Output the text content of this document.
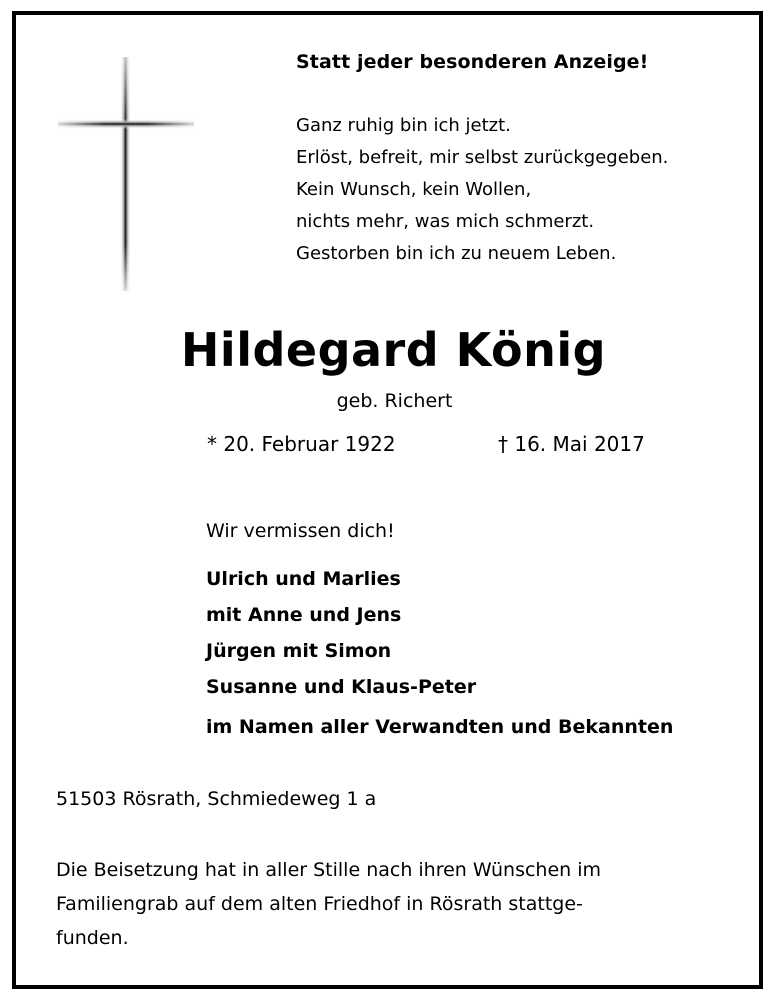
Statt jeder besonderen Anzeige!
Ganz ruhig bin ich jetzt.
Erlöst, befreit, mir selbst zurückgegeben.
Kein Wunsch, kein Wollen,
nichts mehr, was mich schmerzt.
Gestorben bin ich zu neuem Leben.
Hildegard König
geb. Richert
* 20. Februar 1922	† 16. Mai 2017
Wir vermissen dich!
Ulrich und Marlies
mit Anne und Jens
Jürgen mit Simon
Susanne und Klaus-Peter
im Namen aller Verwandten und Bekannten
51503 Rösrath, Schmiedeweg 1 a
Die Beisetzung hat in aller Stille nach ihren Wünschen im
Familiengrab auf dem alten Friedhof in Rösrath stattge-
funden.
